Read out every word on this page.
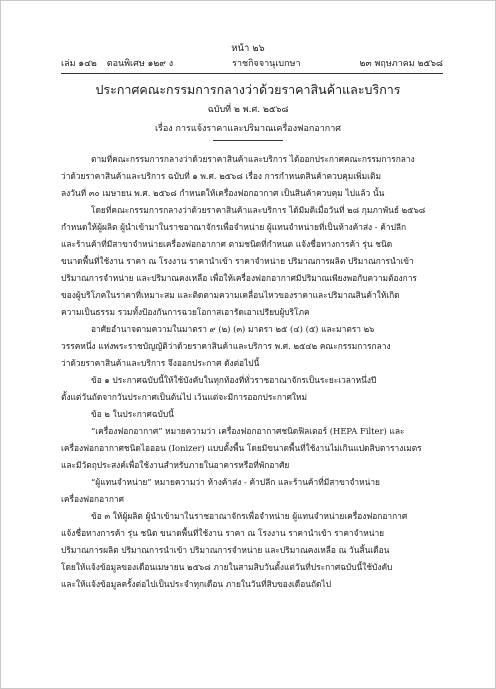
หน้า ๒๖
เล่ม ๑๔๒ ตอนพิเศษ ๑๒๙ ง	ราชกิจจานุเบกษา	๒๓ พฤษภาคม ๒๕๖๘
ประกาศคณะกรรมการกลางว่าด้วยราคาสินค้าและบริการ
ฉบับที่ ๒ พ.ศ. ๒๕๖๘
เรื่อง การแจ้งราคาและปริมาณเครื่องฟอกอากาศ

ตามที่คณะกรรมการกลางว่าด้วยราคาสินค้าและบริการ ได้ออกประกาศคณะกรรมการกลาง
ว่าด้วยราคาสินค้าและบริการ ฉบับที่ ๑ พ.ศ. ๒๕๖๘ เรื่อง การกำหนดสินค้าควบคุมเพิ่มเติม
ลงวันที่ ๓๐ เมษายน พ.ศ. ๒๕๖๘ กำหนดให้เครื่องฟอกอากาศ เป็นสินค้าควบคุม ไปแล้ว นั้น

โดยที่คณะกรรมการกลางว่าด้วยราคาสินค้าและบริการ ได้มีมติเมื่อวันที่ ๒๘ กุมภาพันธ์ ๒๕๖๘
กำหนดให้ผู้ผลิต ผู้นำเข้ามาในราชอาณาจักรเพื่อจำหน่าย ผู้แทนจำหน่ายที่เป็นห้างค้าส่ง - ค้าปลีก
และร้านค้าที่มีสาขาจำหน่ายเครื่องฟอกอากาศ ตามชนิดที่กำหนด แจ้งชื่อทางการค้า รุ่น ชนิด
ขนาดพื้นที่ใช้งาน ราคา ณ โรงงาน ราคานำเข้า ราคาจำหน่าย ปริมาณการผลิต ปริมาณการนำเข้า
ปริมาณการจำหน่าย และปริมาณคงเหลือ เพื่อให้เครื่องฟอกอากาศมีปริมาณเพียงพอกับความต้องการ
ของผู้บริโภคในราคาที่เหมาะสม และติดตามความเคลื่อนไหวของราคาและปริมาณสินค้าให้เกิด
ความเป็นธรรม รวมทั้งป้องกันการฉวยโอกาสเอารัดเอาเปรียบผู้บริโภค

อาศัยอำนาจตามความในมาตรา ๙ (๒) (๓) มาตรา ๒๕ (๔) (๕) และมาตรา ๒๖
วรรคหนึ่ง แห่งพระราชบัญญัติว่าด้วยราคาสินค้าและบริการ พ.ศ. ๒๕๔๒ คณะกรรมการกลาง
ว่าด้วยราคาสินค้าและบริการ จึงออกประกาศ ดังต่อไปนี้

ข้อ ๑ ประกาศฉบับนี้ให้ใช้บังคับในทุกท้องที่ทั่วราชอาณาจักรเป็นระยะเวลาหนึ่งปี
ตั้งแต่วันถัดจากวันประกาศเป็นต้นไป เว้นแต่จะมีการออกประกาศใหม่

ข้อ ๒ ในประกาศฉบับนี้

“เครื่องฟอกอากาศ” หมายความว่า เครื่องฟอกอากาศชนิดฟิลเตอร์ (HEPA Filter) และ
เครื่องฟอกอากาศชนิดไอออน (Ionizer) แบบตั้งพื้น โดยมีขนาดพื้นที่ใช้งานไม่เกินแปดสิบตารางเมตร
และมีวัตถุประสงค์เพื่อใช้งานสำหรับภายในอาคารหรือที่พักอาศัย

“ผู้แทนจำหน่าย” หมายความว่า ห้างค้าส่ง - ค้าปลีก และร้านค้าที่มีสาขาจำหน่าย
เครื่องฟอกอากาศ

ข้อ ๓ ให้ผู้ผลิต ผู้นำเข้ามาในราชอาณาจักรเพื่อจำหน่าย ผู้แทนจำหน่ายเครื่องฟอกอากาศ
แจ้งชื่อทางการค้า รุ่น ชนิด ขนาดพื้นที่ใช้งาน ราคา ณ โรงงาน ราคานำเข้า ราคาจำหน่าย
ปริมาณการผลิต ปริมาณการนำเข้า ปริมาณการจำหน่าย และปริมาณคงเหลือ ณ วันสิ้นเดือน
โดยให้แจ้งข้อมูลของเดือนเมษายน ๒๕๖๘ ภายในสามสิบวันตั้งแต่วันที่ประกาศฉบับนี้ใช้บังคับ
และให้แจ้งข้อมูลครั้งต่อไปเป็นประจำทุกเดือน ภายในวันที่สิบของเดือนถัดไป
